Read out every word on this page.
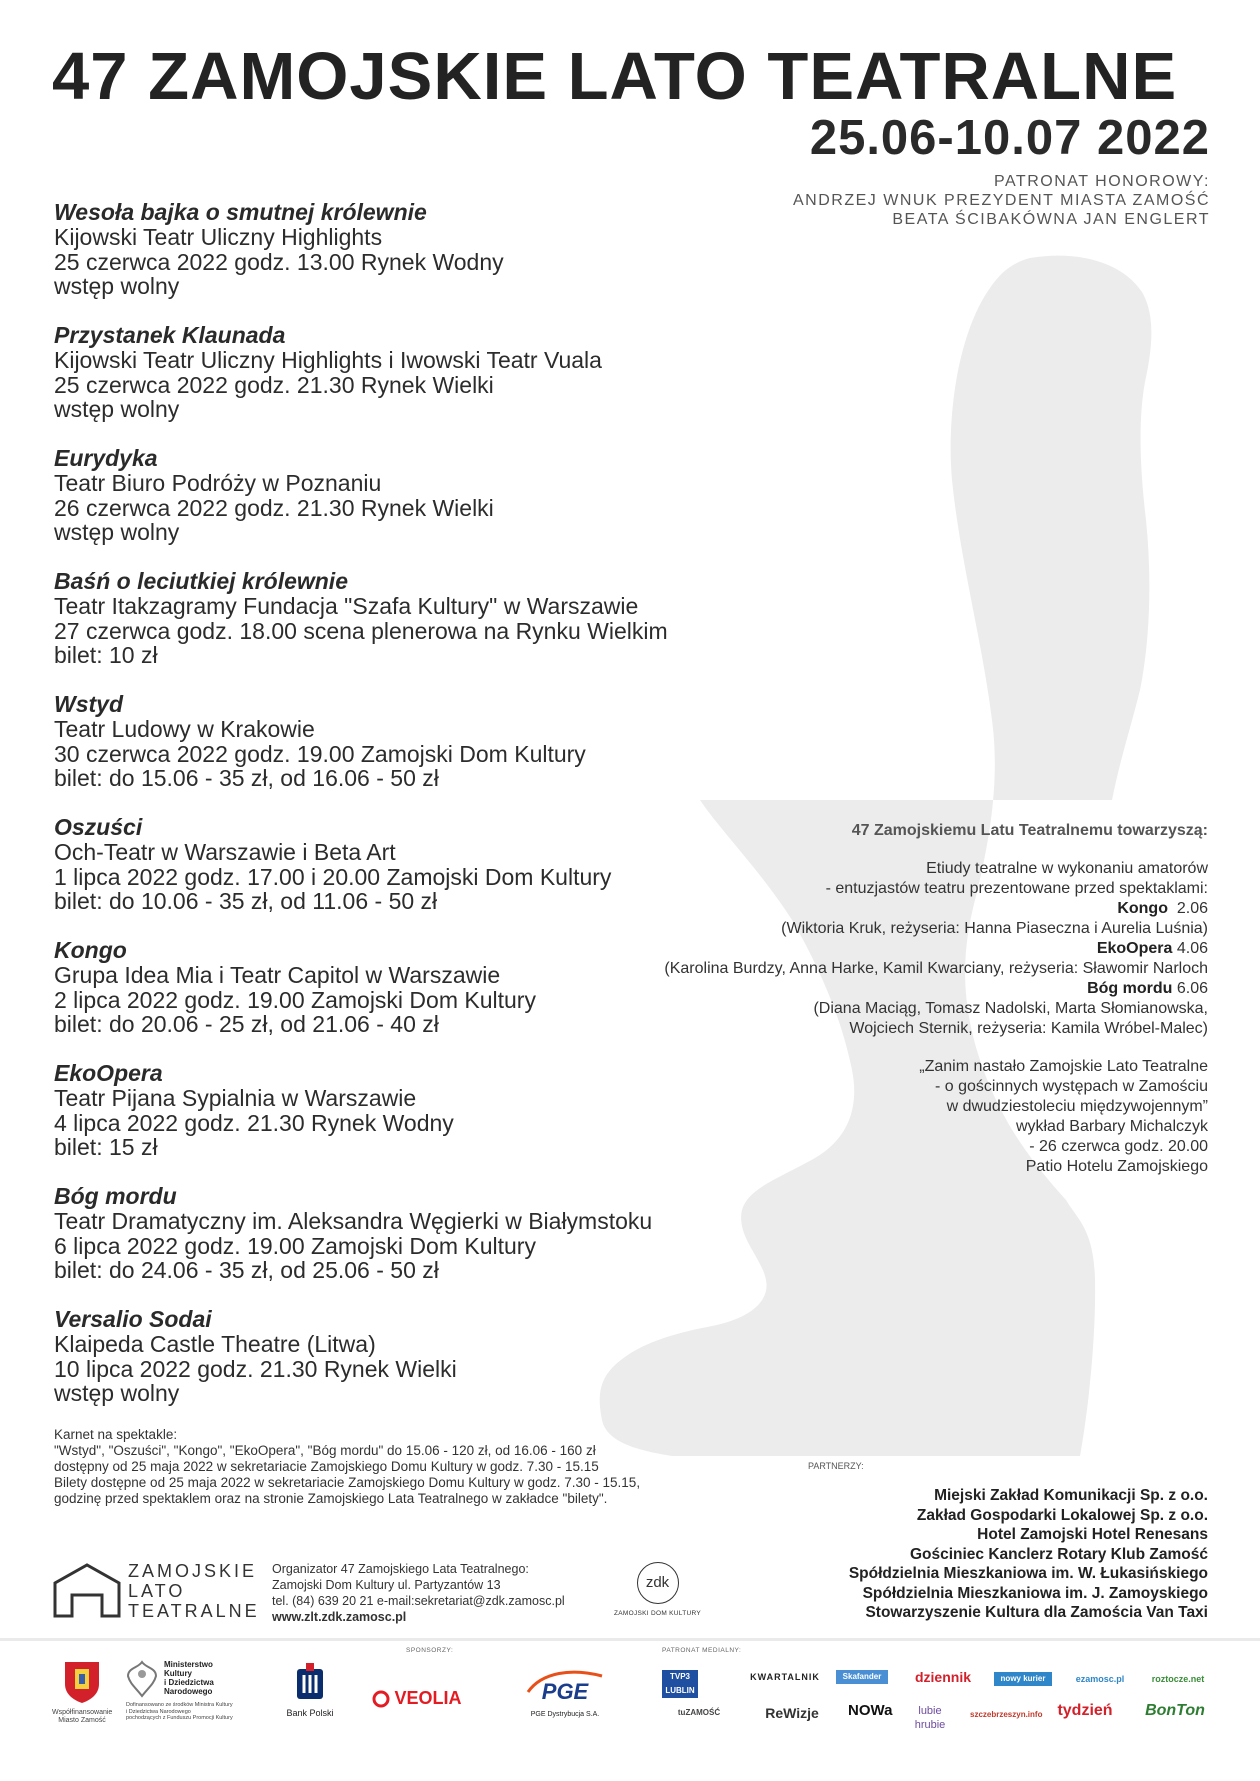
47 ZAMOJSKIE LATO TEATRALNE
25.06-10.07 2022
PATRONAT HONOROWY:
ANDRZEJ WNUK PREZYDENT MIASTA ZAMOŚĆ
BEATA ŚCIBAKÓWNA JAN ENGLERT
Wesoła bajka o smutnej królewnie
Kijowski Teatr Uliczny Highlights
25 czerwca 2022 godz. 13.00 Rynek Wodny
wstęp wolny
Przystanek Klaunada
Kijowski Teatr Uliczny Highlights i Iwowski Teatr Vuala
25 czerwca 2022 godz. 21.30 Rynek Wielki
wstęp wolny
Eurydyka
Teatr Biuro Podróży w Poznaniu
26 czerwca 2022 godz. 21.30 Rynek Wielki
wstęp wolny
Baśń o leciutkiej królewnie
Teatr Itakzagramy Fundacja "Szafa Kultury" w Warszawie
27 czerwca godz. 18.00 scena plenerowa na Rynku Wielkim
bilet: 10 zł
Wstyd
Teatr Ludowy w Krakowie
30 czerwca 2022 godz. 19.00 Zamojski Dom Kultury
bilet: do 15.06 - 35 zł, od 16.06 - 50 zł
Oszuści
Och-Teatr w Warszawie i Beta Art
1 lipca 2022 godz. 17.00 i 20.00 Zamojski Dom Kultury
bilet: do 10.06 - 35 zł, od 11.06 - 50 zł
Kongo
Grupa Idea Mia i Teatr Capitol w Warszawie
2 lipca 2022 godz. 19.00 Zamojski Dom Kultury
bilet: do 20.06 - 25 zł, od 21.06 - 40 zł
EkoOpera
Teatr Pijana Sypialnia w Warszawie
4 lipca 2022 godz. 21.30 Rynek Wodny
bilet: 15 zł
Bóg mordu
Teatr Dramatyczny im. Aleksandra Węgierki w Białymstoku
6 lipca 2022 godz. 19.00 Zamojski Dom Kultury
bilet: do 24.06 - 35 zł, od 25.06 - 50 zł
Versalio Sodai
Klaipeda Castle Theatre (Litwa)
10 lipca 2022 godz. 21.30 Rynek Wielki
wstęp wolny
47 Zamojskiemu Latu Teatralnemu towarzyszą:
Etiudy teatralne w wykonaniu amatorów
- entuzjastów teatru prezentowane przed spektaklami:
Kongo 2.06
(Wiktoria Kruk, reżyseria: Hanna Piaseczna i Aurelia Luśnia)
EkoOpera 4.06
(Karolina Burdzy, Anna Harke, Kamil Kwarciany, reżyseria: Sławomir Narloch
Bóg mordu 6.06
(Diana Maciąg, Tomasz Nadolski, Marta Słomianowska,
Wojciech Sternik, reżyseria: Kamila Wróbel-Malec)
„Zanim nastało Zamojskie Lato Teatralne
- o gościnnych występach w Zamościu
w dwudziestoleciu międzywojennym”
wykład Barbary Michalczyk
- 26 czerwca godz. 20.00
Patio Hotelu Zamojskiego
Karnet na spektakle:
"Wstyd", "Oszuści", "Kongo", "EkoOpera", "Bóg mordu" do 15.06 - 120 zł, od 16.06 - 160 zł
dostępny od 25 maja 2022 w sekretariacie Zamojskiego Domu Kultury w godz. 7.30 - 15.15
Bilety dostępne od 25 maja 2022 w sekretariacie Zamojskiego Domu Kultury w godz. 7.30 - 15.15,
godzinę przed spektaklem oraz na stronie Zamojskiego Lata Teatralnego w zakładce "bilety".
PARTNERZY:
Miejski Zakład Komunikacji Sp. z o.o.
Zakład Gospodarki Lokalowej Sp. z o.o.
Hotel Zamojski Hotel Renesans
Gościniec Kanclerz Rotary Klub Zamość
Spółdzielnia Mieszkaniowa im. W. Łukasińskiego
Spółdzielnia Mieszkaniowa im. J. Zamoyskiego
Stowarzyszenie Kultura dla Zamościa Van Taxi
ZAMOJSKIE
LATO
TEATRALNE
Organizator 47 Zamojskiego Lata Teatralnego:
Zamojski Dom Kultury ul. Partyzantów 13
tel. (84) 639 20 21 e-mail:sekretariat@zdk.zamosc.pl
www.zlt.zdk.zamosc.pl
zdk
ZAMOJSKI DOM KULTURY
SPONSORZY:	PATRONAT MEDIALNY:
Współfinansowanie
Miasto Zamość
Ministerstwo
Kultury
i Dziedzictwa
Narodowego
Dofinansowano ze środków Ministra Kultury
i Dziedzictwa Narodowego
pochodzących z Funduszu Promocji Kultury	Bank Polski
VEOLIA	PGE
PGE Dystrybucja S.A.
TVP3 LUBLIN
KWARTALNIK	Skafander	dziennik	nowy kurier	ezamosc.pl	roztocze.net
tuZAMOŚĆ	ReWizje	NOWa	lubie hrubie
szczebrzeszyn.info tydzień	BonTon
